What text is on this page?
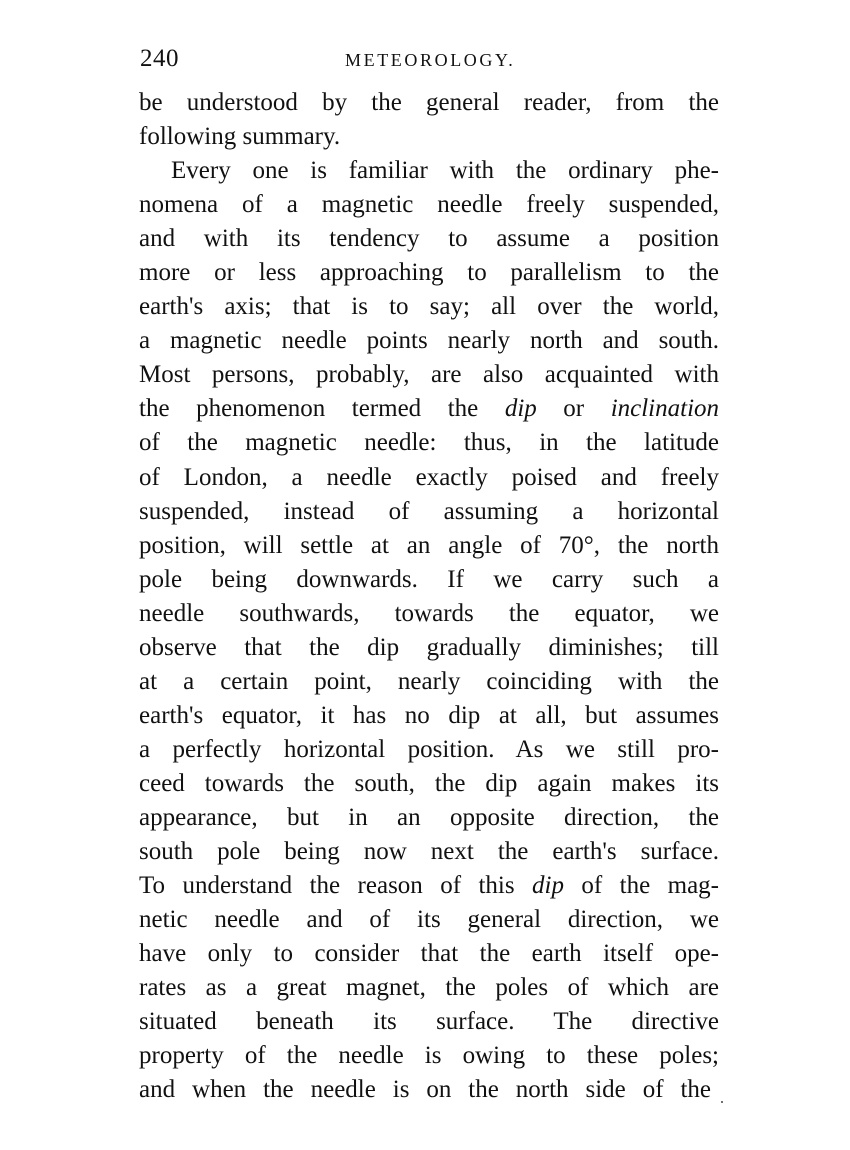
240	METEOROLOGY.
be understood by the general reader, from the
following summary.
Every one is familiar with the ordinary phe-
nomena of a magnetic needle freely suspended,
and with its tendency to assume a position
more or less approaching to parallelism to the
earth's axis; that is to say; all over the world,
a magnetic needle points nearly north and south.
Most persons, probably, are also acquainted with
the phenomenon termed the dip or inclination
of the magnetic needle: thus, in the latitude
of London, a needle exactly poised and freely
suspended, instead of assuming a horizontal
position, will settle at an angle of 70°, the north
pole being downwards. If we carry such a
needle southwards, towards the equator, we
observe that the dip gradually diminishes; till
at a certain point, nearly coinciding with the
earth's equator, it has no dip at all, but assumes
a perfectly horizontal position. As we still pro-
ceed towards the south, the dip again makes its
appearance, but in an opposite direction, the
south pole being now next the earth's surface.
To understand the reason of this dip of the mag-
netic needle and of its general direction, we
have only to consider that the earth itself ope-
rates as a great magnet, the poles of which are
situated beneath its surface. The directive
property of the needle is owing to these poles;
and when the needle is on the north side of the
